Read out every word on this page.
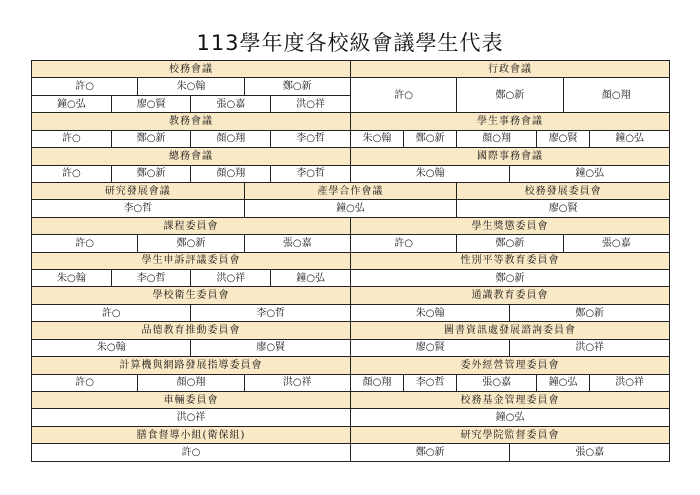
113學年度各校級會議學生代表
校務會議						行政會議						
許○		朱○翰		鄭○新		許○		鄭○新			顏○翔	
鐘○弘	廖○賢		張○嘉		洪○祥							
教務會議						學生事務會議						
許○	鄭○新		顏○翔		李○哲	朱○翰	鄭○新	顏○翔		廖○賢		鐘○弘
總務會議						國際事務會議						
許○	鄭○新		顏○翔		李○哲	朱○翰			鐘○弘			
研究發展會議				產學合作會議				校務發展委員會				
李○哲				鐘○弘				廖○賢				
課程委員會						學生獎懲委員會						
許○		鄭○新		張○嘉		許○		鄭○新			張○嘉	
學生申訴評議委員會						性別平等教育委員會						
朱○翰	李○哲		洪○祥		鐘○弘	鄭○新						
學校衛生委員會						通識教育委員會						
許○			李○哲			朱○翰			鄭○新			
品德教育推動委員會						圖書資訊處發展諮詢委員會						
朱○翰			廖○賢			廖○賢			洪○祥			
計算機與網路發展指導委員會						委外經營管理委員會						
許○		顏○翔		洪○祥		顏○翔	李○哲	張○嘉		鐘○弘		洪○祥
車輛委員會						校務基金管理委員會						
洪○祥						鐘○弘						
膳食督導小組(衛保組)						研究學院監督委員會						
許○						鄭○新			張○嘉			
